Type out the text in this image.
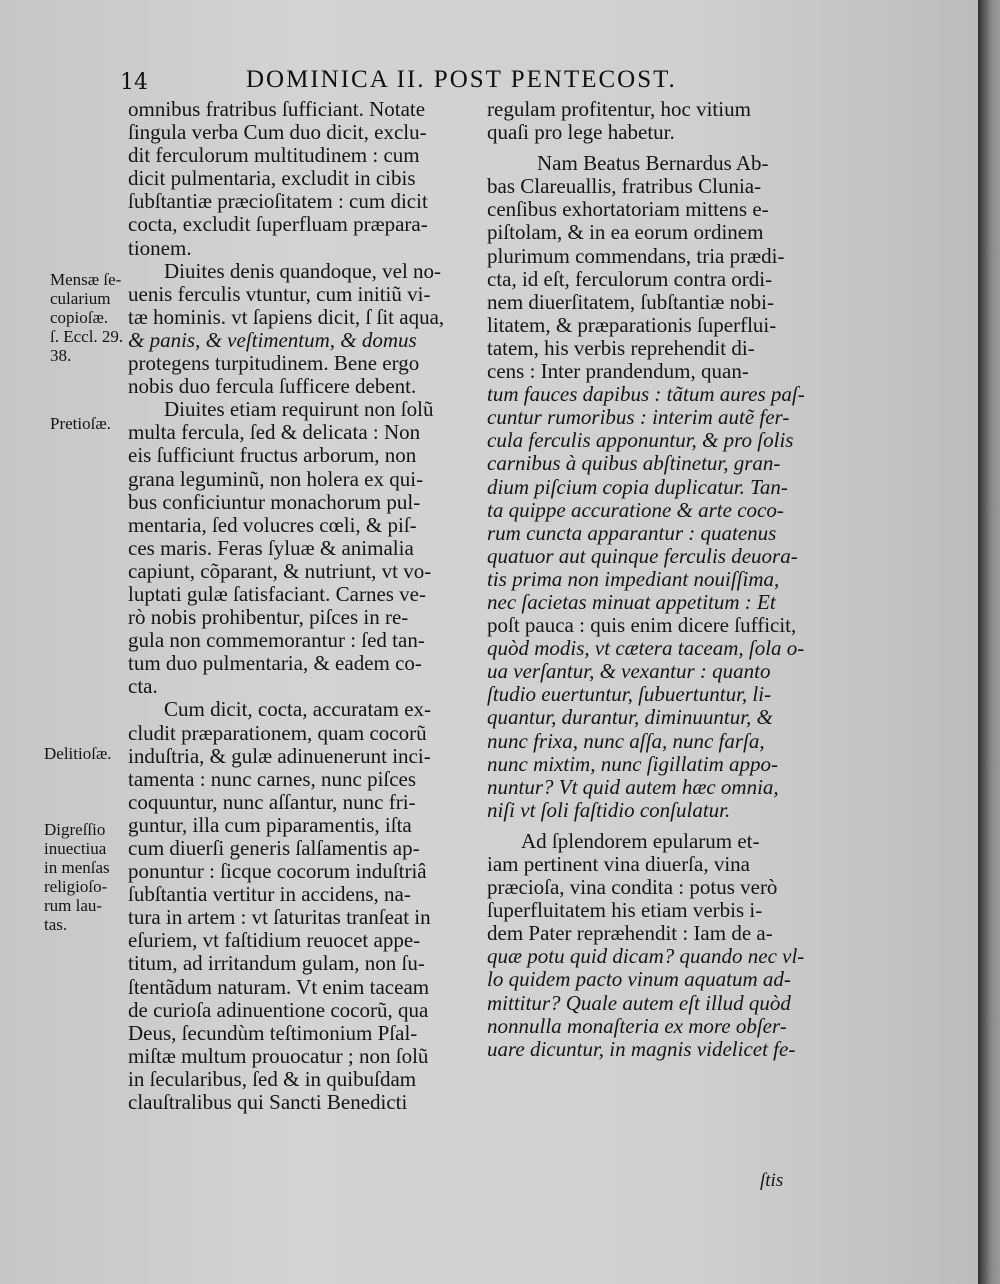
14	DOMINICA II. POST PENTECOST.
Mensæ ſe-
cularium
copioſæ.
ſ. Eccl. 29.
38.
Pretioſæ.
Delitioſæ.
Digreſſio
inuectiua
in menſas
religioſo-
rum lau-
tas.
omnibus fratribus ſufficiant. Notate
ſingula verba Cum duo dicit, exclu-
dit ferculorum multitudinem : cum
dicit pulmentaria, excludit in cibis
ſubſtantiæ præcioſitatem : cum dicit
cocta, excludit ſuperfluam præpara-
tionem.
Diuites denis quandoque, vel no-
uenis ferculis vtuntur, cum initiũ vi-
tæ hominis. vt ſapiens dicit, ſ ſit aqua,
& panis, & veſtimentum, & domus
protegens turpitudinem. Bene ergo
nobis duo fercula ſufficere debent.
Diuites etiam requirunt non ſolũ
multa fercula, ſed & delicata : Non
eis ſufficiunt fructus arborum, non
grana leguminũ, non holera ex qui-
bus conficiuntur monachorum pul-
mentaria, ſed volucres cœli, & piſ-
ces maris. Feras ſyluæ & animalia
capiunt, cõparant, & nutriunt, vt vo-
luptati gulæ ſatisfaciant. Carnes ve-
rò nobis prohibentur, piſces in re-
gula non commemorantur : ſed tan-
tum duo pulmentaria, & eadem co-
cta.
Cum dicit, cocta, accuratam ex-
cludit præparationem, quam cocorũ
induſtria, & gulæ adinuenerunt inci-
tamenta : nunc carnes, nunc piſces
coquuntur, nunc aſſantur, nunc fri-
guntur, illa cum piparamentis, iſta
cum diuerſi generis ſalſamentis ap-
ponuntur : ſicque cocorum induſtriâ
ſubſtantia vertitur in accidens, na-
tura in artem : vt ſaturitas tranſeat in
eſuriem, vt faſtidium reuocet appe-
titum, ad irritandum gulam, non ſu-
ſtentãdum naturam. Vt enim taceam
de curioſa adinuentione cocorũ, qua
Deus, ſecundùm teſtimonium Pſal-
miſtæ multum prouocatur ; non ſolũ
in ſecularibus, ſed & in quibuſdam
clauſtralibus qui Sancti Benedicti
regulam profitentur, hoc vitium
quaſi pro lege habetur.
Nam Beatus Bernardus Ab-
bas Clareuallis, fratribus Clunia-
cenſibus exhortatoriam mittens e-
piſtolam, & in ea eorum ordinem
plurimum commendans, tria prædi-
cta, id eſt, ferculorum contra ordi-
nem diuerſitatem, ſubſtantiæ nobi-
litatem, & præparationis ſuperflui-
tatem, his verbis reprehendit di-
cens : Inter prandendum, quan-
tum fauces dapibus : tãtum aures paſ-
cuntur rumoribus : interim autẽ fer-
cula ferculis apponuntur, & pro ſolis
carnibus à quibus abſtinetur, gran-
dium piſcium copia duplicatur. Tan-
ta quippe accuratione & arte coco-
rum cuncta apparantur : quatenus
quatuor aut quinque ferculis deuora-
tis prima non impediant nouiſſima,
nec ſacietas minuat appetitum : Et
poſt pauca : quis enim dicere ſufficit,
quòd modis, vt cætera taceam, ſola o-
ua verſantur, & vexantur : quanto
ſtudio euertuntur, ſubuertuntur, li-
quantur, durantur, diminuuntur, &
nunc frixa, nunc aſſa, nunc farſa,
nunc mixtim, nunc ſigillatim appo-
nuntur? Vt quid autem hæc omnia,
niſi vt ſoli faſtidio conſulatur.
Ad ſplendorem epularum et-
iam pertinent vina diuerſa, vina
præcioſa, vina condita : potus verò
ſuperfluitatem his etiam verbis i-
dem Pater repræhendit : Iam de a-
quæ potu quid dicam? quando nec vl-
lo quidem pacto vinum aquatum ad-
mittitur? Quale autem eſt illud quòd
nonnulla monaſteria ex more obſer-
uare dicuntur, in magnis videlicet fe-
ſtis
